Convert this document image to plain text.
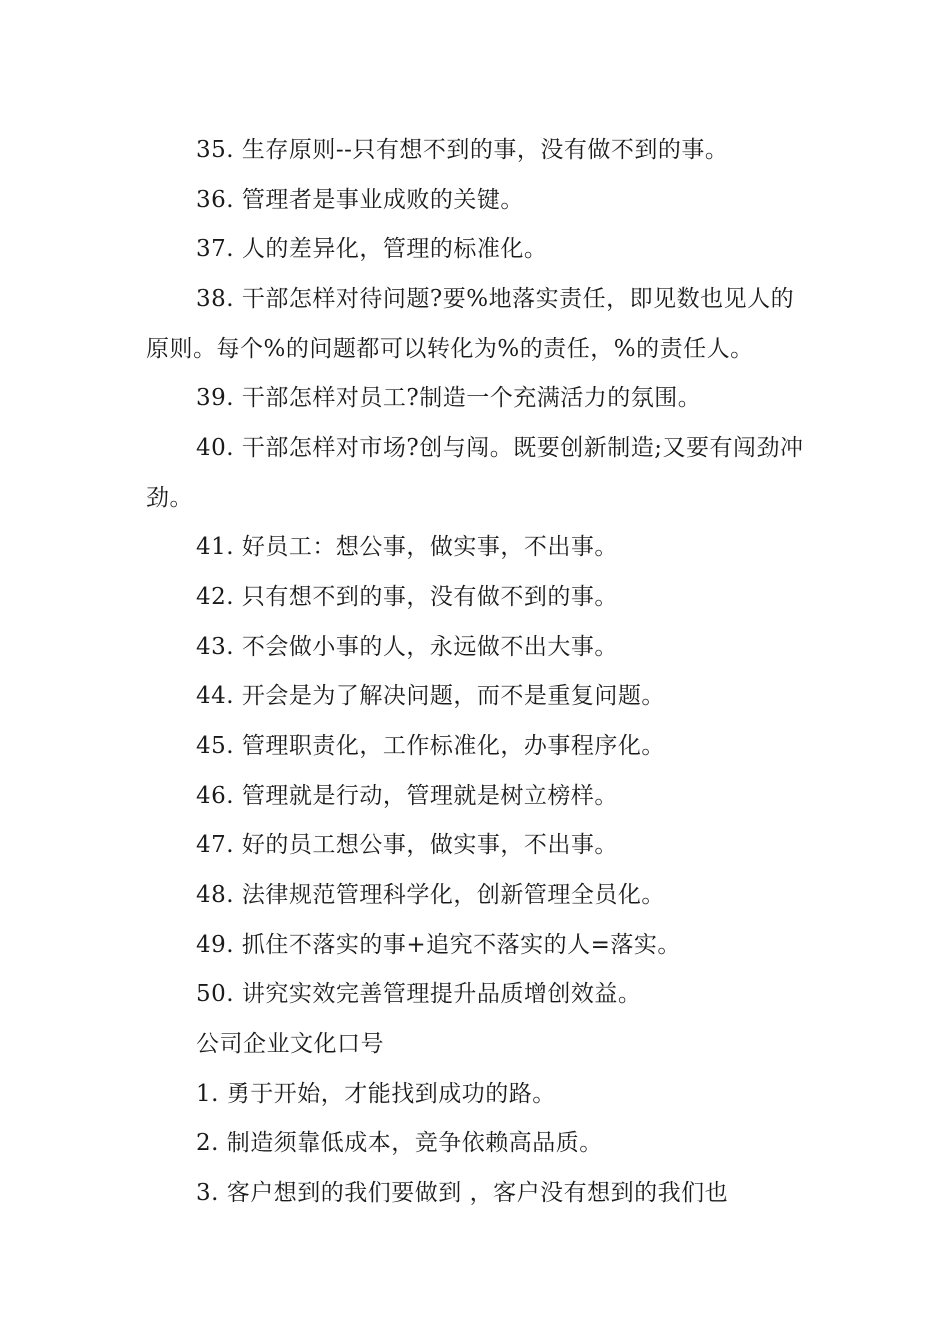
35. 生存原则--只有想不到的事，没有做不到的事。

36. 管理者是事业成败的关键。

37. 人的差异化，管理的标准化。

38. 干部怎样对待问题?要%地落实责任，即见数也见人的原则。每个%的问题都可以转化为%的责任，%的责任人。

39. 干部怎样对员工?制造一个充满活力的氛围。

40. 干部怎样对市场?创与闯。既要创新制造;又要有闯劲冲劲。

41. 好员工：想公事，做实事，不出事。

42. 只有想不到的事，没有做不到的事。

43. 不会做小事的人，永远做不出大事。

44. 开会是为了解决问题，而不是重复问题。

45. 管理职责化，工作标准化，办事程序化。

46. 管理就是行动，管理就是树立榜样。

47. 好的员工想公事，做实事，不出事。

48. 法律规范管理科学化，创新管理全员化。

49. 抓住不落实的事+追究不落实的人=落实。

50. 讲究实效完善管理提升品质增创效益。

公司企业文化口号

1. 勇于开始，才能找到成功的路。

2. 制造须靠低成本，竞争依赖高品质。

3. 客户想到的我们要做到 ，客户没有想到的我们也
